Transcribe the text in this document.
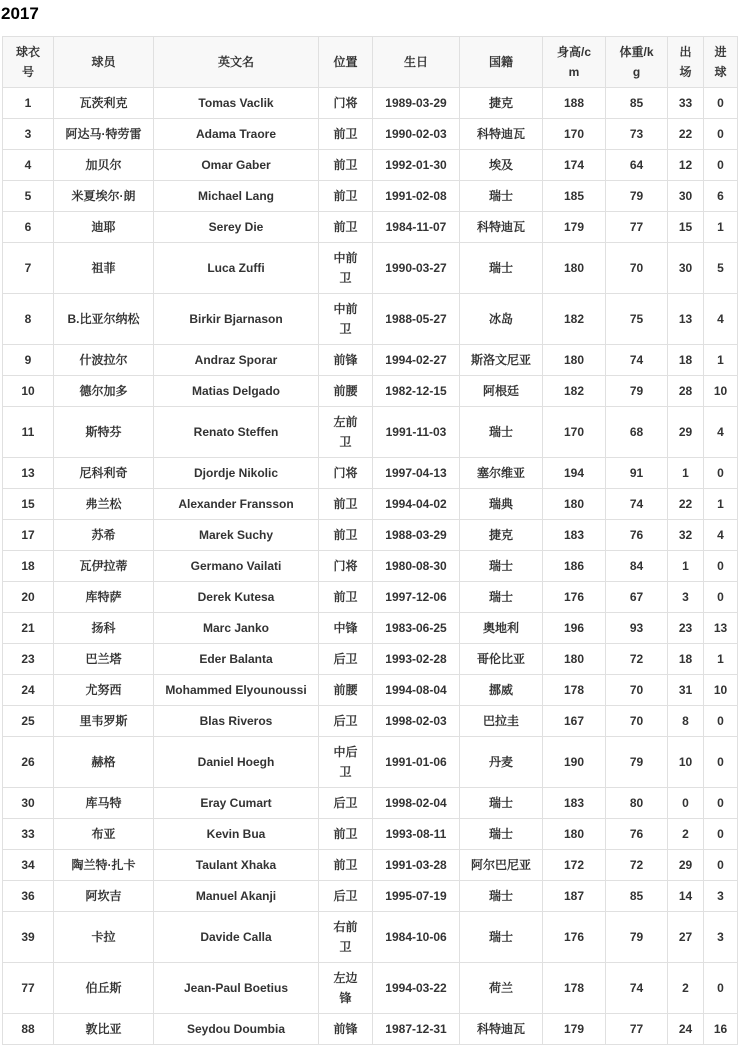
2017
球衣号	球员	英文名	位置	生日	国籍	身高/cm	体重/kg	出场	进球
1	瓦茨利克	Tomas Vaclik	门将	1989-03-29	捷克	188	85	33	0
3	阿达马·特劳雷	Adama Traore	前卫	1990-02-03	科特迪瓦	170	73	22	0
4	加贝尔	Omar Gaber	前卫	1992-01-30	埃及	174	64	12	0
5	米夏埃尔·朗	Michael Lang	前卫	1991-02-08	瑞士	185	79	30	6
6	迪耶	Serey Die	前卫	1984-11-07	科特迪瓦	179	77	15	1
7	祖菲	Luca Zuffi	中前卫	1990-03-27	瑞士	180	70	30	5
8	B.比亚尔纳松	Birkir Bjarnason	中前卫	1988-05-27	冰岛	182	75	13	4
9	什波拉尔	Andraz Sporar	前锋	1994-02-27	斯洛文尼亚	180	74	18	1
10	德尔加多	Matias Delgado	前腰	1982-12-15	阿根廷	182	79	28	10
11	斯特芬	Renato Steffen	左前卫	1991-11-03	瑞士	170	68	29	4
13	尼科利奇	Djordje Nikolic	门将	1997-04-13	塞尔维亚	194	91	1	0
15	弗兰松	Alexander Fransson	前卫	1994-04-02	瑞典	180	74	22	1
17	苏希	Marek Suchy	前卫	1988-03-29	捷克	183	76	32	4
18	瓦伊拉蒂	Germano Vailati	门将	1980-08-30	瑞士	186	84	1	0
20	库特萨	Derek Kutesa	前卫	1997-12-06	瑞士	176	67	3	0
21	扬科	Marc Janko	中锋	1983-06-25	奥地利	196	93	23	13
23	巴兰塔	Eder Balanta	后卫	1993-02-28	哥伦比亚	180	72	18	1
24	尤努西	Mohammed Elyounoussi	前腰	1994-08-04	挪威	178	70	31	10
25	里韦罗斯	Blas Riveros	后卫	1998-02-03	巴拉圭	167	70	8	0
26	赫格	Daniel Hoegh	中后卫	1991-01-06	丹麦	190	79	10	0
30	库马特	Eray Cumart	后卫	1998-02-04	瑞士	183	80	0	0
33	布亚	Kevin Bua	前卫	1993-08-11	瑞士	180	76	2	0
34	陶兰特·扎卡	Taulant Xhaka	前卫	1991-03-28	阿尔巴尼亚	172	72	29	0
36	阿坎吉	Manuel Akanji	后卫	1995-07-19	瑞士	187	85	14	3
39	卡拉	Davide Calla	右前卫	1984-10-06	瑞士	176	79	27	3
77	伯丘斯	Jean-Paul Boetius	左边锋	1994-03-22	荷兰	178	74	2	0
88	敦比亚	Seydou Doumbia	前锋	1987-12-31	科特迪瓦	179	77	24	16
